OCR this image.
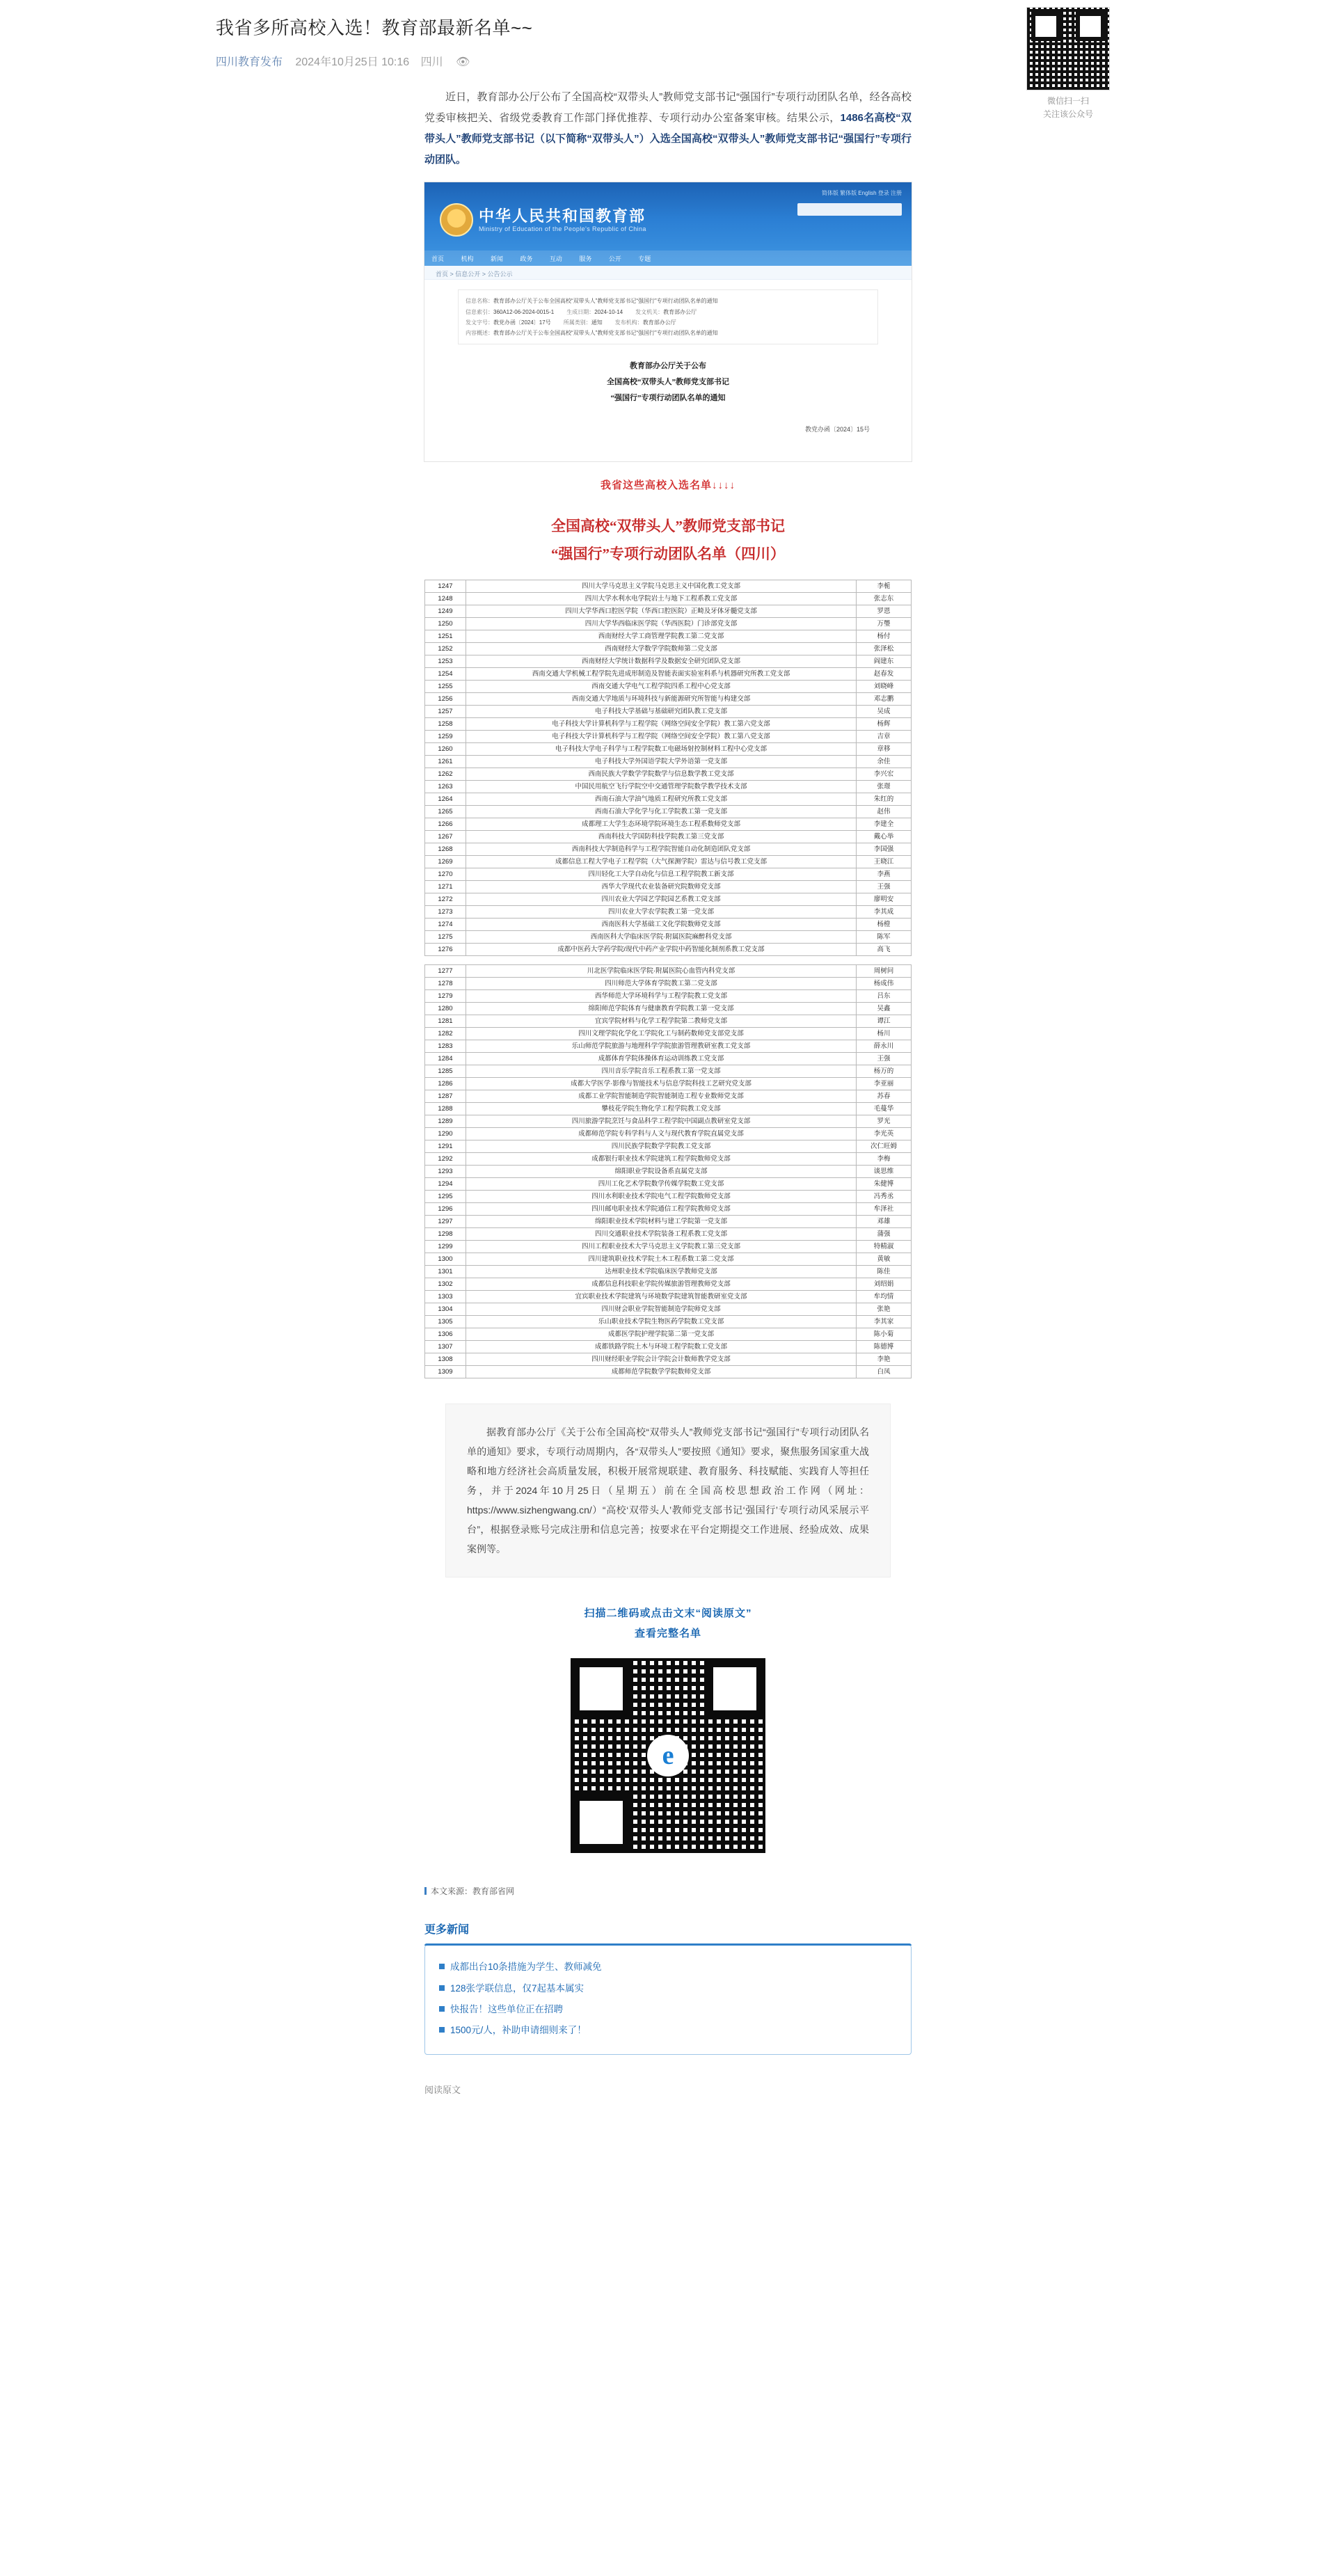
我省多所高校入选！教育部最新名单~~
四川教育发布 2024年10月25日 10:16 四川 👁
微信扫一扫
关注该公众号

近日，教育部办公厅公布了全国高校“双带头人”教师党支部书记“强国行”专项行动团队名单，经各高校党委审核把关、省级党委教育工作部门择优推荐、专项行动办公室备案审核。结果公示，1486名高校“双带头人”教师党支部书记（以下简称“双带头人”）入选全国高校“双带头人”教师党支部书记“强国行”专项行动团队。

中华人民共和国教育部
Ministry of Education of the People's Republic of China
简体版 繁体版 English 登录 注册
首页	机构	新闻	政务	互动	服务	公开	专题
首页 > 信息公开 > 公告公示
信息名称： 教育部办公厅关于公布全国高校“双带头人”教师党支部书记“强国行”专项行动团队名单的通知
信息索引： 360A12-06-2024-0015-1 生成日期： 2024-10-14 发文机关： 教育部办公厅
发文字号： 教党办函〔2024〕17号 所属类别： 通知 发布机构： 教育部办公厅
内容概述： 教育部办公厅关于公布全国高校“双带头人”教师党支部书记“强国行”专项行动团队名单的通知
教育部办公厅关于公布
全国高校“双带头人”教师党支部书记
“强国行”专项行动团队名单的通知
教党办函〔2024〕15号
我省这些高校入选名单↓↓↓↓
全国高校“双带头人”教师党支部书记
“强国行”专项行动团队名单（四川）
1247	四川大学马克思主义学院马克思主义中国化教工党支部	李栀
1248	四川大学水利水电学院岩土与地下工程系教工党支部	张志东
1249	四川大学华西口腔医学院（华西口腔医院）正畸及牙体牙髓党支部	罗恩
1250	四川大学华西临床医学院（华西医院）门诊部党支部	万璺
1251	西南财经大学工商管理学院教工第二党支部	杨付
1252	西南财经大学数学学院数师第二党支部	张泽松
1253	西南财经大学统计数据科学及数据安全研究团队党支部	阎建东
1254	西南交通大学机械工程学院先进成形制造及智能表面实验室科系与机器研究所教工党支部	赵春发
1255	西南交通大学电气工程学院四系工程中心党支部	刘晓峰
1256	西南交通大学地质与环境科技与新能源研究所智能与构建交部	邓志鹏
1257	电子科技大学基础与基础研究团队教工党支部	吴成
1258	电子科技大学计算机科学与工程学院（网络空间安全学院）教工第六党支部	杨辉
1259	电子科技大学计算机科学与工程学院（网络空间安全学院）教工第八党支部	吉章
1260	电子科技大学电子科学与工程学院数工电磁场射控制材料工程中心党支部	章移
1261	电子科技大学外国语学院大学外语第一党支部	余佳
1262	西南民族大学数学学院数学与信息数学教工党支部	李兴宏
1263	中国民用航空飞行学院空中交通管理学院数学教学技术支部	张璟
1264	西南石油大学油气地质工程研究所教工党支部	朱红的
1265	西南石油大学化学与化工学院教工第一党支部	赵伟
1266	成都理工大学生态环境学院环境生态工程系数师党支部	李建全
1267	西南科技大学国防科技学院教工第三党支部	戴心举
1268	西南科技大学制造科学与工程学院智能自动化制造团队党支部	李国强
1269	成都信息工程大学电子工程学院（大气探测学院）雷达与信号教工党支部	王晓江
1270	四川轻化工大学自动化与信息工程学院教工新支部	李燕
1271	西华大学现代农业装备研究院数师党支部	王强
1272	四川农业大学园艺学院园艺系教工党支部	廖明安
1273	四川农业大学农学院教工第一党支部	李其成
1274	西南医科大学基础工文化学院数师党支部	杨橙
1275	西南医科大学临床医学院·附属医院麻醉科党支部	陈军
1276	成都中医药大学药学院/现代中药产业学院中药智能化制剂系教工党支部	高飞
1277	川北医学院临床医学院·附属医院心血管内科党支部	周树问
1278	四川师范大学体育学院教工第二党支部	杨成伟
1279	西华师范大学环境科学与工程学院教工党支部	吕东
1280	绵阳师范学院体育与健康教育学院教工第一党支部	吴鑫
1281	宜宾学院材料与化学工程学院第二教师党支部	谭江
1282	四川文理学院化学化工学院化工与制药数师党支部党支部	杨川
1283	乐山师范学院旅游与地理科学学院旅游管理教研室教工党支部	薛永川
1284	成都体育学院体操体育运动训练教工党支部	王强
1285	四川音乐学院音乐工程系教工第一党支部	杨万的
1286	成都大学医学·影像与智能技术与信息学院科技工艺研究党支部	李亚丽
1287	成都工业学院智能制造学院智能制造工程专业数师党支部	苏春
1288	攀枝花学院生物化学工程学院教工党支部	毛蔓华
1289	四川旅游学院烹饪与食品科学工程学院中国副点教研室党支部	罗光
1290	成都师范学院专科学科与人文与现代教育学院直属党支部	李光英
1291	四川民族学院数学学院教工党支部	次仁旺姆
1292	成都银行职业技术学院建筑工程学院数师党支部	李梅
1293	绵阳职业学院设备系直属党支部	谈思维
1294	四川工化艺术学院数学传媒学院数工党支部	朱健博
1295	四川水利职业技术学院电气工程学院数师党支部	冯秀丞
1296	四川邮电职业技术学院通信工程学院教师党支部	牟泽社
1297	绵阳职业技术学院材料与建工学院第一党支部	邓雄
1298	四川交通职业技术学院装备工程系教工党支部	蒲强
1299	四川工程职业技术大学马克思主义学院教工第三党支部	特精淑
1300	四川建筑职业技术学院土木工程系数工第二党支部	黄敏
1301	达州职业技术学院临床医学教师党支部	陈佳
1302	成都信息科技职业学院传媒旅游管理教师党支部	刘绍娟
1303	宜宾职业技术学院建筑与环境数学院建筑智能教研室党支部	牟均情
1304	四川财会职业学院智能制造学院师党支部	张艳
1305	乐山职业技术学院生物医药学院数工党支部	李其家
1306	成都医学院护理学院第二第一党支部	陈小菊
1307	成都铁路学院土木与环境工程学院数工党支部	陈德博
1308	四川财经职业学院会计学院会计数师教学党支部	李艳
1309	成都师范学院数学学院数师党支部	白凤
据教育部办公厅《关于公布全国高校“双带头人”教师党支部书记“强国行”专项行动团队名单的通知》要求，专项行动周期内，各“双带头人”要按照《通知》要求，聚焦服务国家重大战略和地方经济社会高质量发展，积极开展常规联建、教育服务、科技赋能、实践育人等担任务，并于2024年10月25日（星期五）前在全国高校思想政治工作网（网址：https://www.sizhengwang.cn/）“高校‘双带头人’教师党支部书记‘强国行’专项行动风采展示平台”，根据登录账号完成注册和信息完善；按要求在平台定期提交工作进展、经验成效、成果案例等。
扫描二维码或点击文末“阅读原文”
查看完整名单
e
本文来源：教育部省网
更多新闻
成都出台10条措施为学生、教师减免
128张学联信息，仅7起基本属实
快报告！这些单位正在招聘
1500元/人，补助申请细则来了！
阅读原文
